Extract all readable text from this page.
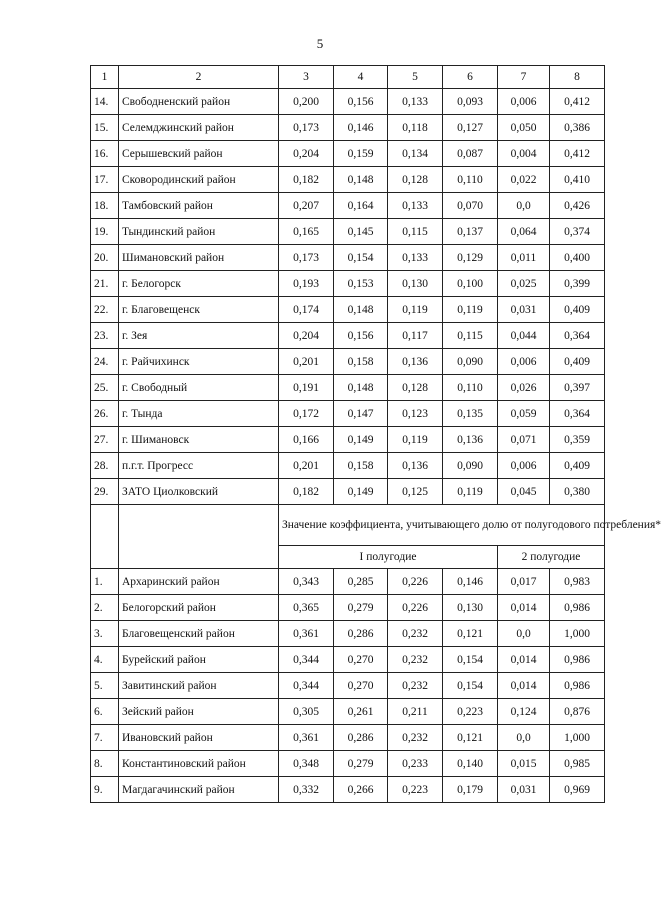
5
1	2	3	4	5	6	7	8
14.	Свободненский район	0,200	0,156	0,133	0,093	0,006	0,412
15.	Селемджинский район	0,173	0,146	0,118	0,127	0,050	0,386
16.	Серышевский район	0,204	0,159	0,134	0,087	0,004	0,412
17.	Сковородинский район	0,182	0,148	0,128	0,110	0,022	0,410
18.	Тамбовский район	0,207	0,164	0,133	0,070	0,0	0,426
19.	Тындинский район	0,165	0,145	0,115	0,137	0,064	0,374
20.	Шимановский район	0,173	0,154	0,133	0,129	0,011	0,400
21.	г. Белогорск	0,193	0,153	0,130	0,100	0,025	0,399
22.	г. Благовещенск	0,174	0,148	0,119	0,119	0,031	0,409
23.	г. Зея	0,204	0,156	0,117	0,115	0,044	0,364
24.	г. Райчихинск	0,201	0,158	0,136	0,090	0,006	0,409
25.	г. Свободный	0,191	0,148	0,128	0,110	0,026	0,397
26.	г. Тында	0,172	0,147	0,123	0,135	0,059	0,364
27.	г. Шимановск	0,166	0,149	0,119	0,136	0,071	0,359
28.	п.г.т. Прогресс	0,201	0,158	0,136	0,090	0,006	0,409
29.	ЗАТО Циолковский	0,182	0,149	0,125	0,119	0,045	0,380
		Значение коэффициента, учитывающего долю от полугодового потребления*					
		I полугодие				2 полугодие	
1.	Архаринский район	0,343	0,285	0,226	0,146	0,017	0,983
2.	Белогорский район	0,365	0,279	0,226	0,130	0,014	0,986
3.	Благовещенский район	0,361	0,286	0,232	0,121	0,0	1,000
4.	Бурейский район	0,344	0,270	0,232	0,154	0,014	0,986
5.	Завитинский район	0,344	0,270	0,232	0,154	0,014	0,986
6.	Зейский район	0,305	0,261	0,211	0,223	0,124	0,876
7.	Ивановский район	0,361	0,286	0,232	0,121	0,0	1,000
8.	Константиновский район	0,348	0,279	0,233	0,140	0,015	0,985
9.	Магдагачинский район	0,332	0,266	0,223	0,179	0,031	0,969
